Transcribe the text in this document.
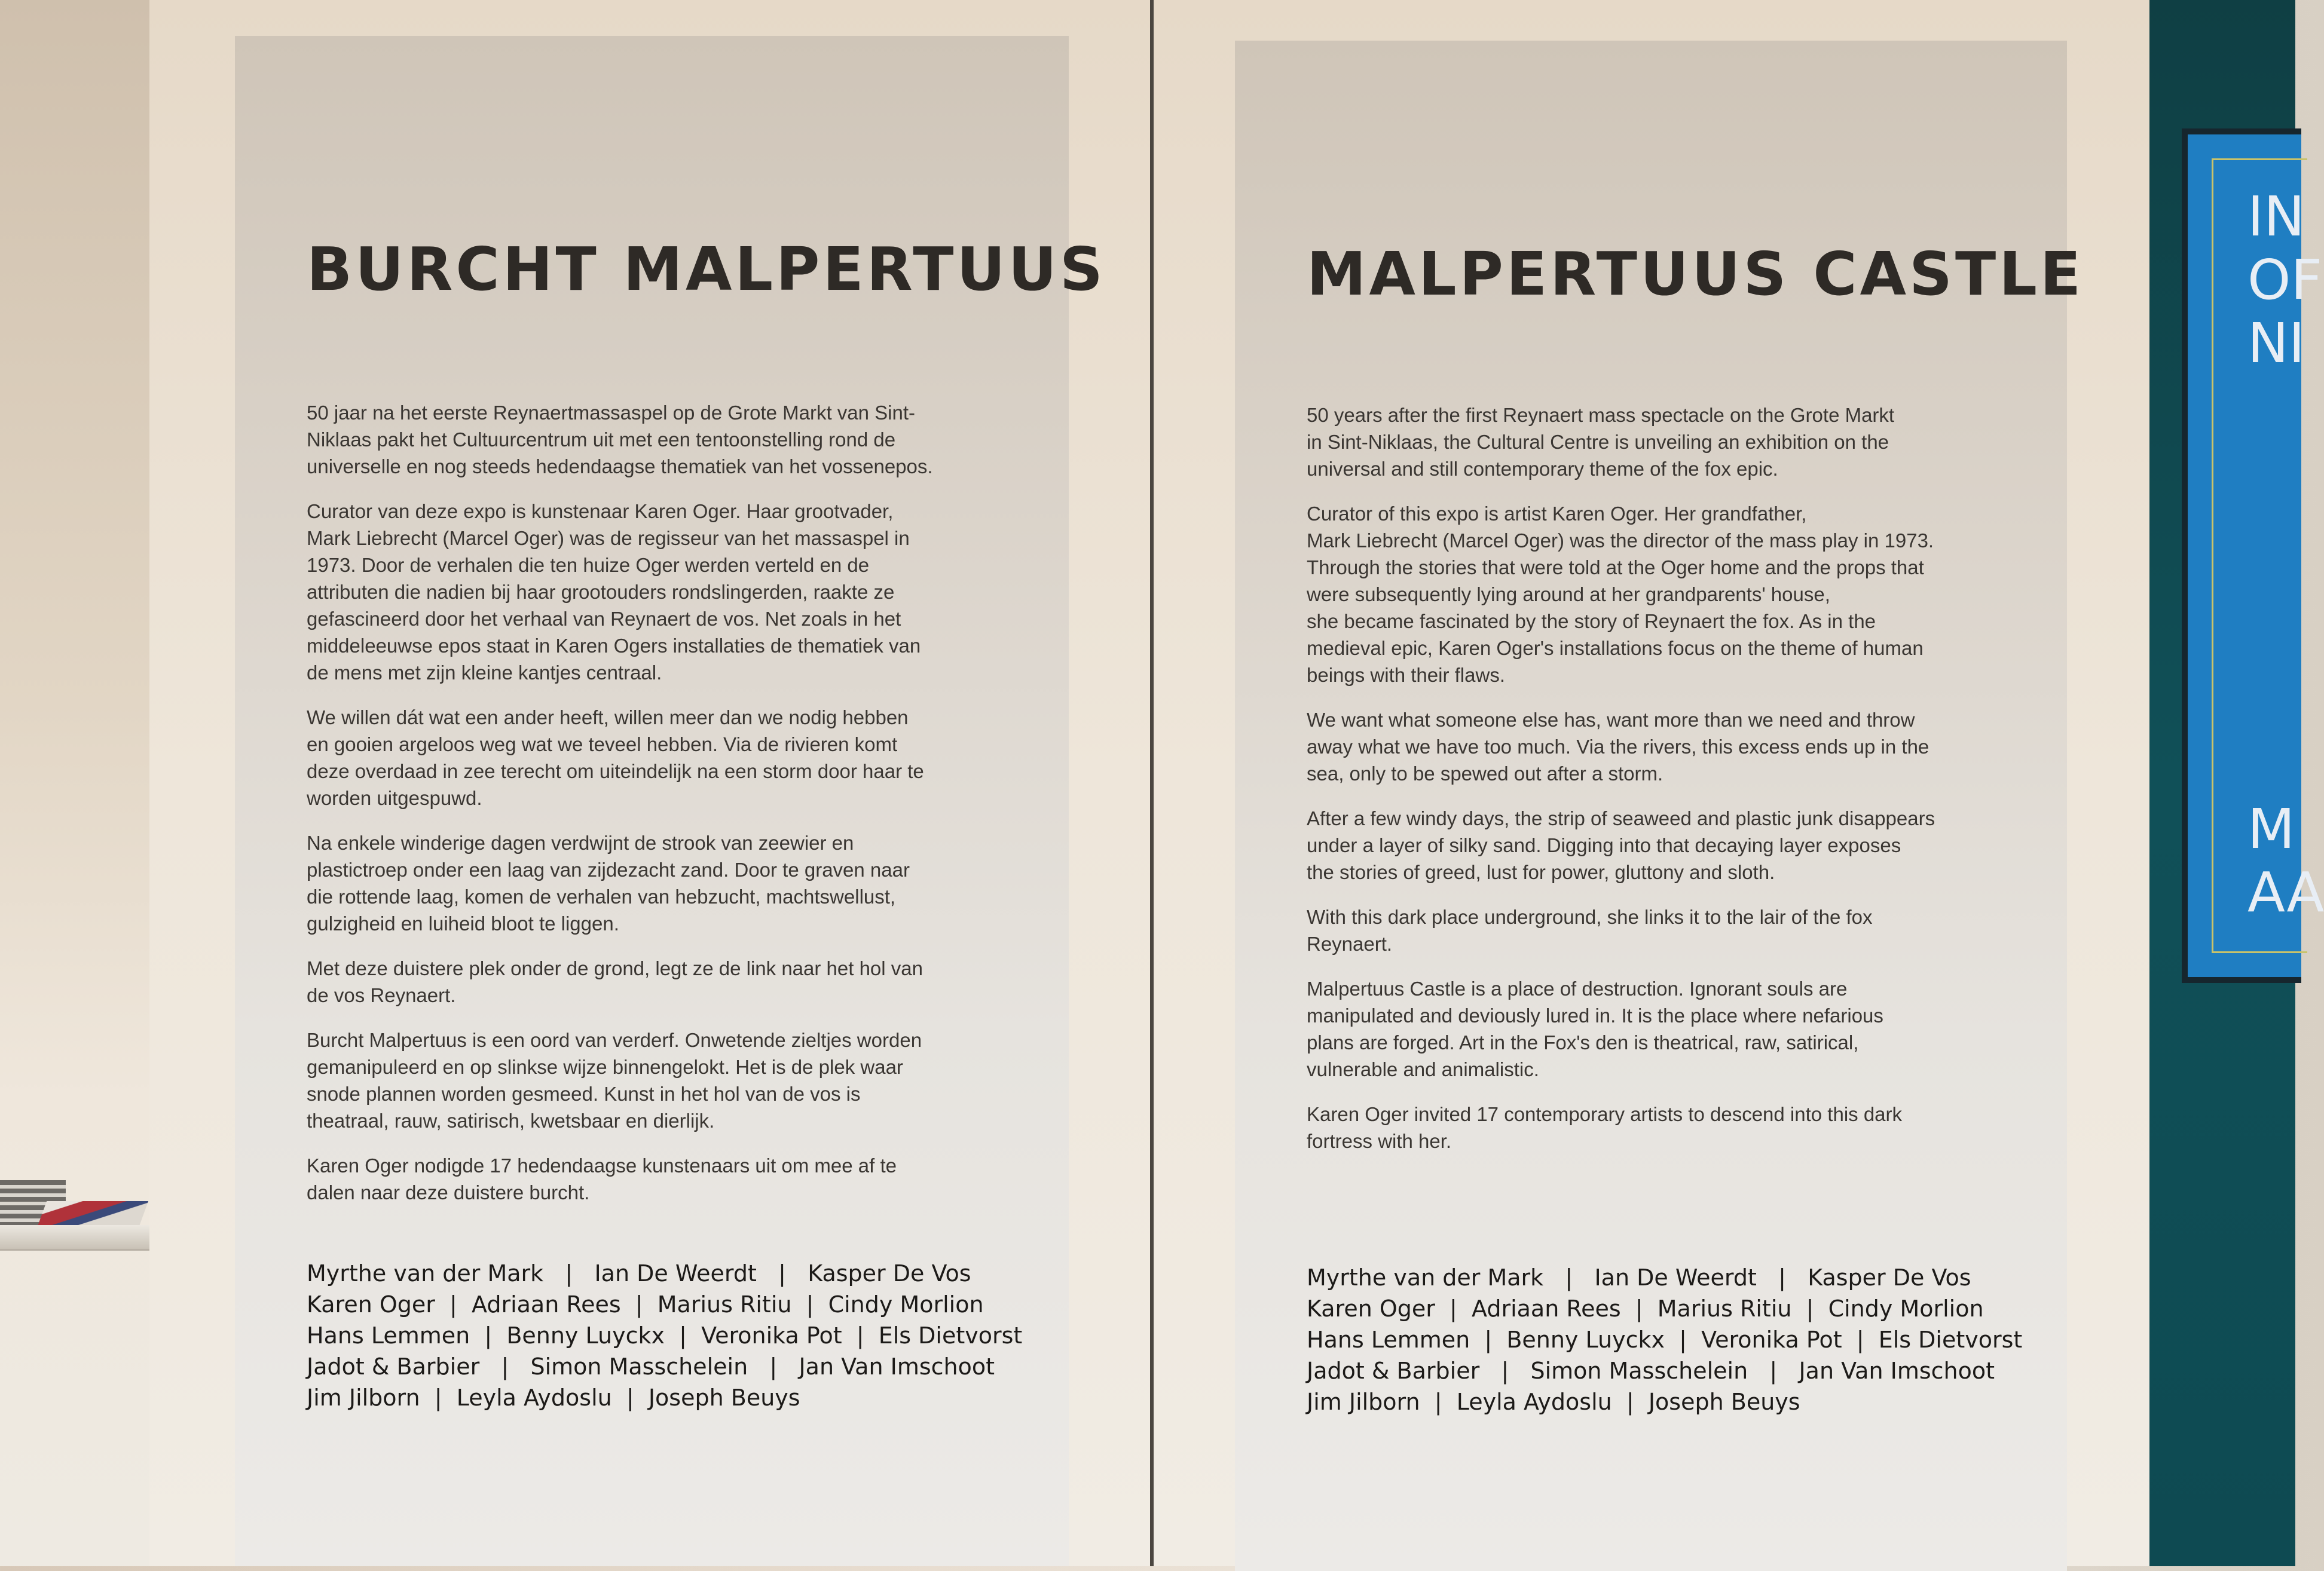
BURCHT MALPERTUUS

50 jaar na het eerste Reynaertmassaspel op de Grote Markt van Sint-
Niklaas pakt het Cultuurcentrum uit met een tentoonstelling rond de
universelle en nog steeds hedendaagse thematiek van het vossenepos.

Curator van deze expo is kunstenaar Karen Oger. Haar grootvader,
Mark Liebrecht (Marcel Oger) was de regisseur van het massaspel in
1973. Door de verhalen die ten huize Oger werden verteld en de
attributen die nadien bij haar grootouders rondslingerden, raakte ze
gefascineerd door het verhaal van Reynaert de vos. Net zoals in het
middeleeuwse epos staat in Karen Ogers installaties de thematiek van
de mens met zijn kleine kantjes centraal.

We willen dát wat een ander heeft, willen meer dan we nodig hebben
en gooien argeloos weg wat we teveel hebben. Via de rivieren komt
deze overdaad in zee terecht om uiteindelijk na een storm door haar te
worden uitgespuwd.

Na enkele winderige dagen verdwijnt de strook van zeewier en
plastictroep onder een laag van zijdezacht zand. Door te graven naar
die rottende laag, komen de verhalen van hebzucht, machtswellust,
gulzigheid en luiheid bloot te liggen.

Met deze duistere plek onder de grond, legt ze de link naar het hol van
de vos Reynaert.

Burcht Malpertuus is een oord van verderf. Onwetende zieltjes worden
gemanipuleerd en op slinkse wijze binnengelokt. Het is de plek waar
snode plannen worden gesmeed. Kunst in het hol van de vos is
theatraal, rauw, satirisch, kwetsbaar en dierlijk.

Karen Oger nodigde 17 hedendaagse kunstenaars uit om mee af te
dalen naar deze duistere burcht.

Myrthe van der Mark   |   Ian De Weerdt   |   Kasper De Vos
Karen Oger  |  Adriaan Rees  |  Marius Ritiu  |  Cindy Morlion
Hans Lemmen  |  Benny Luyckx  |  Veronika Pot  |  Els Dietvorst
Jadot & Barbier   |   Simon Masschelein   |   Jan Van Imschoot
Jim Jilborn  |  Leyla Aydoslu  |  Joseph Beuys
MALPERTUUS CASTLE

50 years after the first Reynaert mass spectacle on the Grote Markt
in Sint-Niklaas, the Cultural Centre is unveiling an exhibition on the
universal and still contemporary theme of the fox epic.

Curator of this expo is artist Karen Oger. Her grandfather,
Mark Liebrecht (Marcel Oger) was the director of the mass play in 1973.
Through the stories that were told at the Oger home and the props that
were subsequently lying around at her grandparents' house,
she became fascinated by the story of Reynaert the fox. As in the
medieval epic, Karen Oger's installations focus on the theme of human
beings with their flaws.

We want what someone else has, want more than we need and throw
away what we have too much. Via the rivers, this excess ends up in the
sea, only to be spewed out after a storm.

After a few windy days, the strip of seaweed and plastic junk disappears
under a layer of silky sand. Digging into that decaying layer exposes
the stories of greed, lust for power, gluttony and sloth.

With this dark place underground, she links it to the lair of the fox
Reynaert.

Malpertuus Castle is a place of destruction. Ignorant souls are
manipulated and deviously lured in. It is the place where nefarious
plans are forged. Art in the Fox's den is theatrical, raw, satirical,
vulnerable and animalistic.

Karen Oger invited 17 contemporary artists to descend into this dark
fortress with her.

Myrthe van der Mark   |   Ian De Weerdt   |   Kasper De Vos
Karen Oger  |  Adriaan Rees  |  Marius Ritiu  |  Cindy Morlion
Hans Lemmen  |  Benny Luyckx  |  Veronika Pot  |  Els Dietvorst
Jadot & Barbier   |   Simon Masschelein   |   Jan Van Imschoot
Jim Jilborn  |  Leyla Aydoslu  |  Joseph Beuys
IN
OF
NI
M
AA
